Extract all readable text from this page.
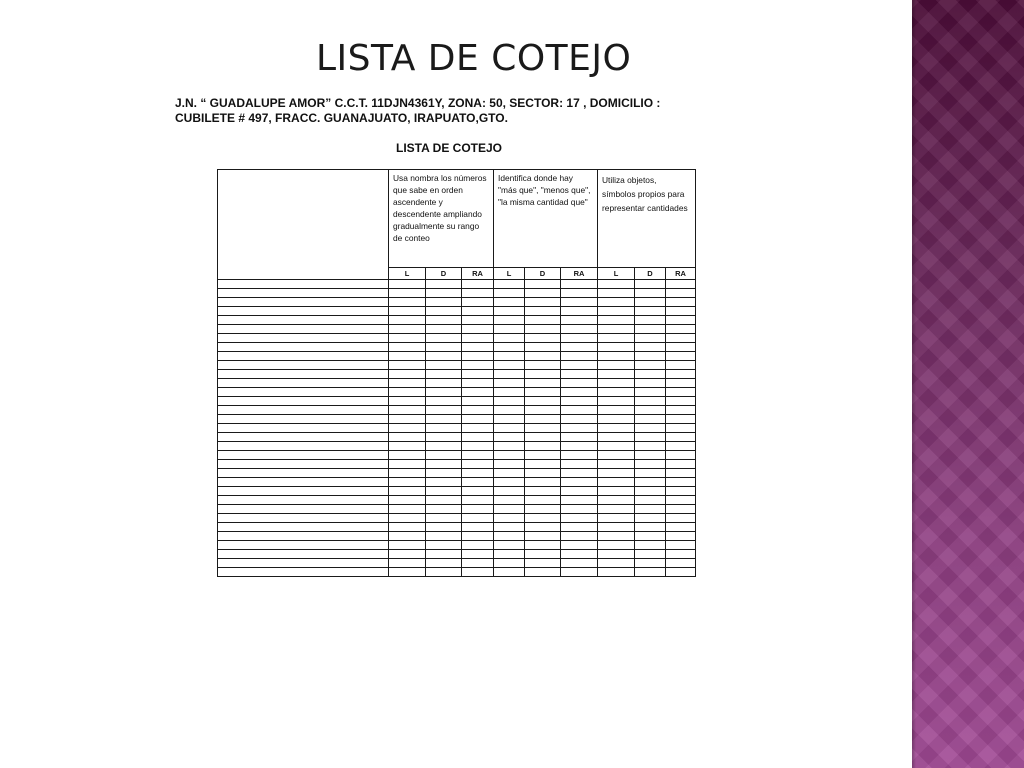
LISTA DE COTEJO
J.N. “ GUADALUPE AMOR” C.C.T. 11DJN4361Y, ZONA: 50, SECTOR: 17 , DOMICILIO :
CUBILETE # 497, FRACC. GUANAJUATO, IRAPUATO,GTO.
LISTA DE COTEJO
	Usa nombra los números que sabe en orden ascendente y descendente ampliando gradualmente su rango de conteo			Identifica donde hay "más que", "menos que", "la misma cantidad que"			Utiliza objetos, símbolos propios para representar cantidades		
	L	D	RA	L	D	RA	L	D	RA
